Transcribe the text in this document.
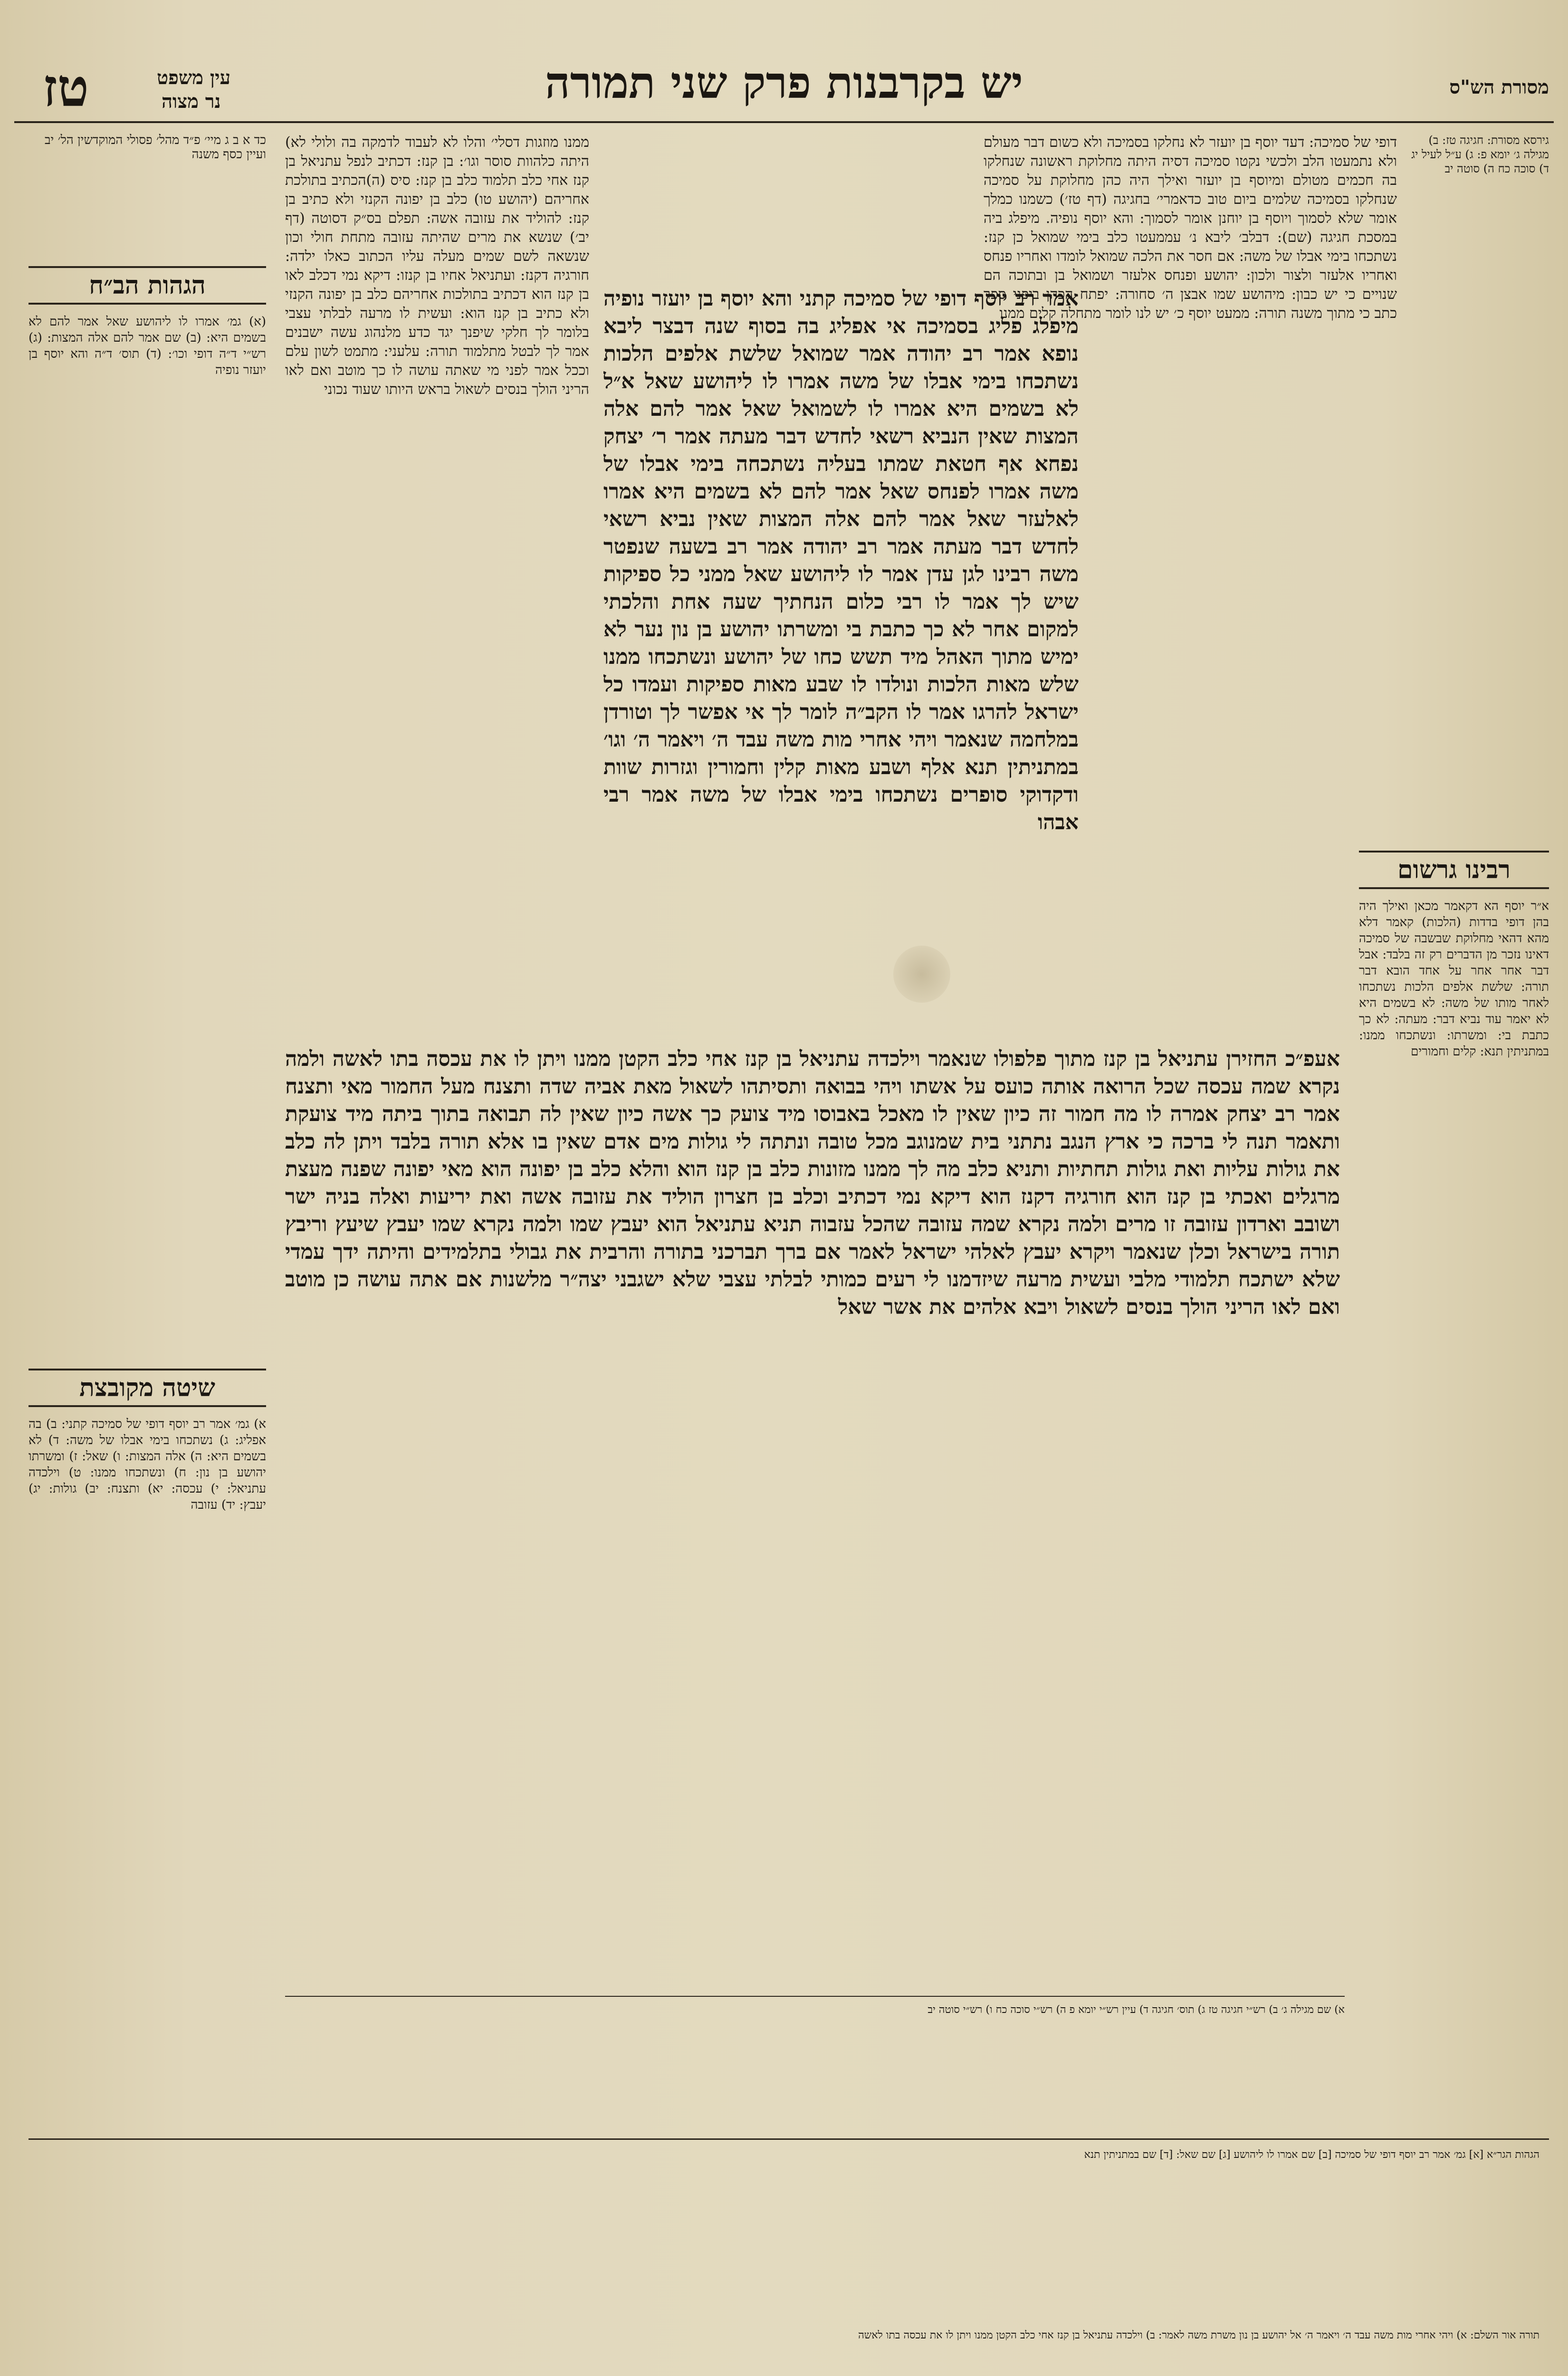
מסורת הש"ס
יש בקרבנות פרק שני תמורה
טז	עין משפט
נר מצוה
גירסא מסורת: חגיגה טז: ב) מגילה ג׳ יומא פ: ג) ע״ל לעיל יג ד) סוכה כח ה) סוטה יב

דופי של סמיכה: דעד יוסף בן יועזר לא נחלקו בסמיכה ולא כשום דבר מעולם ולא נתמעטו הלב ולכשי נקטו סמיכה דסיה היתה מחלוקת ראשונה שנחלקו בה חכמים מטולם ומיוסף בן יועזר ואילך היה כהן מחלוקת על סמיכה שנחלקו בסמיכה שלמים ביום טוב כדאמרי׳ בחגיגה (דף טז׳) כשמנו כמלך אומר שלא לסמוך ויוסף בן יוחנן אומר לסמוך: והא יוסף נופיה. מיפלג ביה במסכת חגיגה (שם): דבלב׳ ליבא נ׳ עממעטו כלב בימי שמואל כן קנז: נשתכחו בימי אבלו של משה: אם חסר את הלכה שמואל לומדו ואחריו פנחס ואחריו אלעזר ולצור ולכון: יהושע ופנחס אלעזר ושמואל בן ובתוכה הם שנויים כי יש כבון: מיהושע שמו אבצן ה׳ סחורה: יפתח הכהן ביפני ספר כתב כי מתוך משנה תורה: ממעט יוסף כ׳ יש לנו לומר מתחלה קלים ממנו

ממנו מוזגות דסלי׳ והלו לא לעבוד לדמקה בה ולולי לא) היתה כלהוות סוסר וגו׳: בן קנז: דכתיב לנפל עתניאל בן קנז אחי כלב תלמוד כלב בן קנז: סיס (ה)הכתיב בתולכת אחריהם (יהושע טו) כלב בן יפונה הקנזי ולא כתיב בן קנז: להוליד את עזובה אשה: תפלם בס״ק דסוטה (דף יב׳) שנשא את מרים שהיתה עזובה מתחת חולי וכון שנשאה לשם שמים מעלה עליו הכתוב כאלו ילדה: חורגיה דקנז: ועתניאל אחיו בן קנזו: דיקא נמי דכלב לאו בן קנז הוא דכתיב בתולכות אחריהם כלב בן יפונה הקנזי ולא כתיב בן קנז הוא: ועשית לו מרעה לבלתי עצבי בלומר לך חלקי שיפנך יגד כדע מלנהוג עשה ישבנים אמר לך לבטל מתלמוד תורה: עלעני: מתמט לשון עלם וככל אמר לפני מי שאתה עושה לו כך מוטב ואם לאו הריני הולך בנסים לשאול בראש היותו שעוד נכוני

כד א ב ג מיי׳ פ״ד מהל׳ פסולי המוקדשין הל׳ יב ועיין כסף משנה
הגהות הב״ח

(א) גמ׳ אמרו לו ליהושע שאל אמר להם לא בשמים היא: (ב) שם אמר להם אלה המצות: (ג) רש״י ד״ה דופי וכו׳: (ד) תוס׳ ד״ה והא יוסף בן יועזר נופיה

אמר רב יוסף דופי של סמיכה קתני והא יוסף בן יועזר נופיה מיפלג פליג בסמיכה אי אפליג בה בסוף שנה דבצר ליבא נופא אמר רב יהודה אמר שמואל שלשת אלפים הלכות נשתכחו בימי אבלו של משה אמרו לו ליהושע שאל א״ל לא בשמים היא אמרו לו לשמואל שאל אמר להם אלה המצות שאין הנביא רשאי לחדש דבר מעתה אמר ר׳ יצחק נפחא אף חטאת שמתו בעליה נשתכחה בימי אבלו של משה אמרו לפנחס שאל אמר להם לא בשמים היא אמרו לאלעזר שאל אמר להם אלה המצות שאין נביא רשאי לחדש דבר מעתה אמר רב יהודה אמר רב בשעה שנפטר משה רבינו לגן עדן אמר לו ליהושע שאל ממני כל ספיקות שיש לך אמר לו רבי כלום הנחתיך שעה אחת והלכתי למקום אחר לא כך כתבת בי ומשרתו יהושע בן נון נער לא ימיש מתוך האהל מיד תשש כחו של יהושע ונשתכחו ממנו שלש מאות הלכות ונולדו לו שבע מאות ספיקות ועמדו כל ישראל להרגו אמר לו הקב״ה לומר לך אי אפשר לך וטורדן במלחמה שנאמר ויהי אחרי מות משה עבד ה׳ ויאמר ה׳ וגו׳ במתניתין תנא אלף ושבע מאות קלין וחמורין וגזרות שוות ודקדוקי סופרים נשתכחו בימי אבלו של משה אמר רבי אבהו

רבינו גרשום

א״ר יוסף הא דקאמר מכאן ואילך היה בהן דופי בדדות (הלכות) קאמר דלא מהא דהאי מחלוקת שבשבה של סמיכה דאינו נזכר מן הדברים רק זה בלבד: אבל דבר אחר אחר על אחד הובא דבר תורה: שלשת אלפים הלכות נשתכחו לאחר מותו של משה: לא בשמים היא לא יאמר עוד נביא דבר: מעתה: לא כך כתבת בי: ומשרתו: ונשתכחו ממנו: במתניתין תנא: קלים וחמורים

אעפ״כ החזירן עתניאל בן קנז מתוך פלפולו שנאמר וילכדה עתניאל בן קנז אחי כלב הקטן ממנו ויתן לו את עכסה בתו לאשה ולמה נקרא שמה עכסה שכל הרואה אותה כועס על אשתו ויהי בבואה ותסיתהו לשאול מאת אביה שדה ותצנח מעל החמור מאי ותצנח אמר רב יצחק אמרה לו מה חמור זה כיון שאין לו מאכל באבוסו מיד צועק כך אשה כיון שאין לה תבואה בתוך ביתה מיד צועקת ותאמר תנה לי ברכה כי ארץ הנגב נתתני בית שמנוגב מכל טובה ונתתה לי גולות מים אדם שאין בו אלא תורה בלבד ויתן לה כלב את גולות עליות ואת גולות תחתיות ותניא כלב מה לך ממנו מזונות כלב בן קנז הוא והלא כלב בן יפונה הוא מאי יפונה שפנה מעצת מרגלים ואכתי בן קנז הוא חורגיה דקנז הוא דיקא נמי דכתיב וכלב בן חצרון הוליד את עזובה אשה ואת יריעות ואלה בניה ישר ושובב וארדון עזובה זו מרים ולמה נקרא שמה עזובה שהכל עזבוה תניא עתניאל הוא יעבץ שמו ולמה נקרא שמו יעבץ שיעץ וריבץ תורה בישראל וכלן שנאמר ויקרא יעבץ לאלהי ישראל לאמר אם ברך תברכני בתורה והרבית את גבולי בתלמידים והיתה ידך עמדי שלא ישתכח תלמודי מלבי ועשית מרעה שיזדמנו לי רעים כמותי לבלתי עצבי שלא ישגבני יצה״ר מלשנות אם אתה עושה כן מוטב ואם לאו הריני הולך בנסים לשאול ויבא אלהים את אשר שאל

שיטה מקובצת

א) גמ׳ אמר רב יוסף דופי של סמיכה קתני: ב) בה אפליג: ג) נשתכחו בימי אבלו של משה: ד) לא בשמים היא: ה) אלה המצות: ו) שאל: ז) ומשרתו יהושע בן נון: ח) ונשתכחו ממנו: ט) וילכדה עתניאל: י) עכסה: יא) ותצנח: יב) גולות: יג) יעבץ: יד) עזובה

א) שם מגילה ג׳ ב) רש״י חגיגה טז ג) תוס׳ חגיגה ד) עיין רש״י יומא פ ה) רש״י סוכה כח ו) רש״י סוטה יב

הגהות הגר״א [א] גמ׳ אמר רב יוסף דופי של סמיכה [ב] שם אמרו לו ליהושע [ג] שם שאל: [ד] שם במתניתין תנא

תורה אור השלם: א) ויהי אחרי מות משה עבד ה׳ ויאמר ה׳ אל יהושע בן נון משרת משה לאמר: ב) וילכדה עתניאל בן קנז אחי כלב הקטן ממנו ויתן לו את עכסה בתו לאשה
